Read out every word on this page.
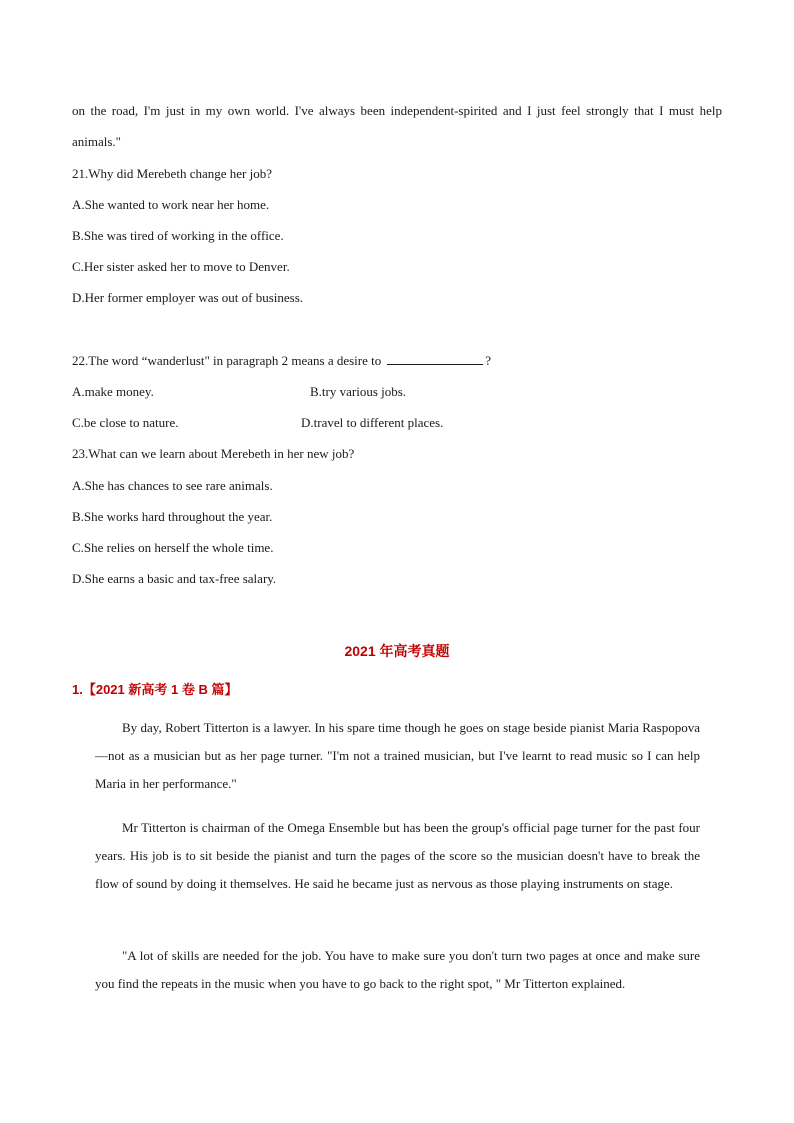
on the road, I'm just in my own world. I've always been independent-spirited and I just feel strongly that I must help animals."
21.Why did Merebeth change her job?
A.She wanted to work near her home.
B.She was tired of working in the office.
C.Her sister asked her to move to Denver.
D.Her former employer was out of business.
22.The word “wanderlust" in paragraph 2 means a desire to	?
A.make money.	B.try various jobs.
C.be close to nature.	D.travel to different places.
23.What can we learn about Merebeth in her new job?
A.She has chances to see rare animals.
B.She works hard throughout the year.
C.She relies on herself the whole time.
D.She earns a basic and tax-free salary.
2021 年高考真题
1.【2021 新高考 1 卷 B 篇】

By day, Robert Titterton is a lawyer. In his spare time though he goes on stage beside pianist Maria Raspopova—not as a musician but as her page turner. "I'm not a trained musician, but I've learnt to read music so I can help Maria in her performance."

Mr Titterton is chairman of the Omega Ensemble but has been the group's official page turner for the past four years. His job is to sit beside the pianist and turn the pages of the score so the musician doesn't have to break the flow of sound by doing it themselves. He said he became just as nervous as those playing instruments on stage.

"A lot of skills are needed for the job. You have to make sure you don't turn two pages at once and make sure you find the repeats in the music when you have to go back to the right spot, " Mr Titterton explained.
